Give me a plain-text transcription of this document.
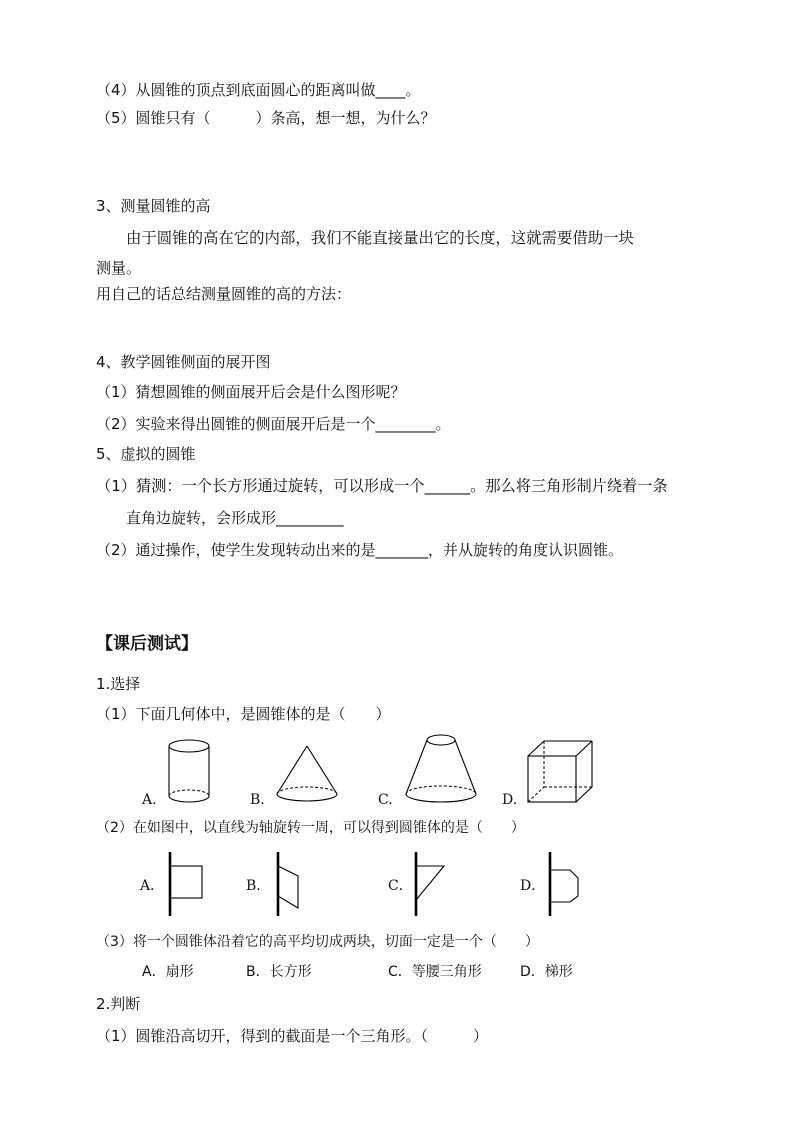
（4）从圆锥的顶点到底面圆心的距离叫做____。
（5）圆锥只有（　　　）条高，想一想，为什么？
3、测量圆锥的高
由于圆锥的高在它的内部，我们不能直接量出它的长度，这就需要借助一块
测量。
用自己的话总结测量圆锥的高的方法：
4、教学圆锥侧面的展开图
（1）猜想圆锥的侧面展开后会是什么图形呢？
（2）实验来得出圆锥的侧面展开后是一个________。
5、虚拟的圆锥
（1）猜测：一个长方形通过旋转，可以形成一个______。那么将三角形制片绕着一条
直角边旋转，会形成形_________
（2）通过操作，使学生发现转动出来的是_______，并从旋转的角度认识圆锥。
【课后测试】
1.选择
（1）下面几何体中，是圆锥体的是（　　）
A.	B.	C.	D.
（2）在如图中，以直线为轴旋转一周，可以得到圆锥体的是（　　）
A．	B．	C．	D．
（3）将一个圆锥体沿着它的高平均切成两块，切面一定是一个（　　）
A．扇形	B．长方形	C．等腰三角形	D．梯形
2.判断
（1）圆锥沿高切开，得到的截面是一个三角形。（　　　）
